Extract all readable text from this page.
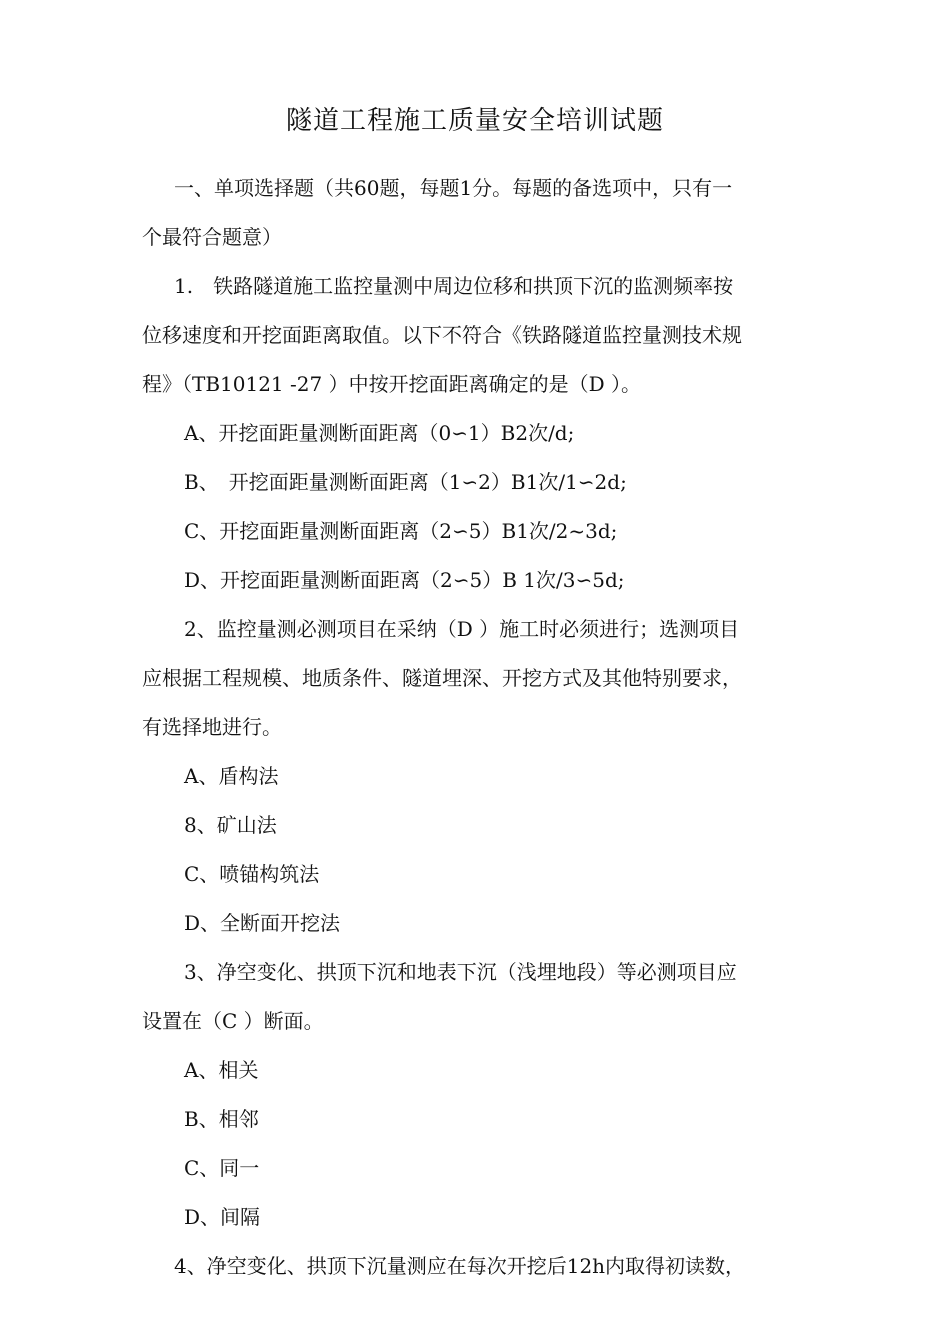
隧道工程施工质量安全培训试题
一、单项选择题（共60题，每题1分。每题的备选项中，只有一
个最符合题意）
1.　铁路隧道施工监控量测中周边位移和拱顶下沉的监测频率按
位移速度和开挖面距离取值。以下不符合《铁路隧道监控量测技术规
程》（TB10121 -27 ）中按开挖面距离确定的是（D ）。
A、开挖面距量测断面距离（0∽1）B2次/d;
B、　开挖面距量测断面距离（1∽2）B1次/1∽2d;
C、开挖面距量测断面距离（2∽5）B1次/2~3d;
D、开挖面距量测断面距离（2∽5）B 1次/3∽5d;
2、监控量测必测项目在采纳（D ）施工时必须进行；选测项目
应根据工程规模、地质条件、隧道埋深、开挖方式及其他特别要求，
有选择地进行。
A、盾构法
8、矿山法
C、喷锚构筑法
D、全断面开挖法
3、净空变化、拱顶下沉和地表下沉（浅埋地段）等必测项目应
设置在（C ）断面。
A、相关
B、相邻
C、同一
D、间隔
4、净空变化、拱顶下沉量测应在每次开挖后12h内取得初读数，
